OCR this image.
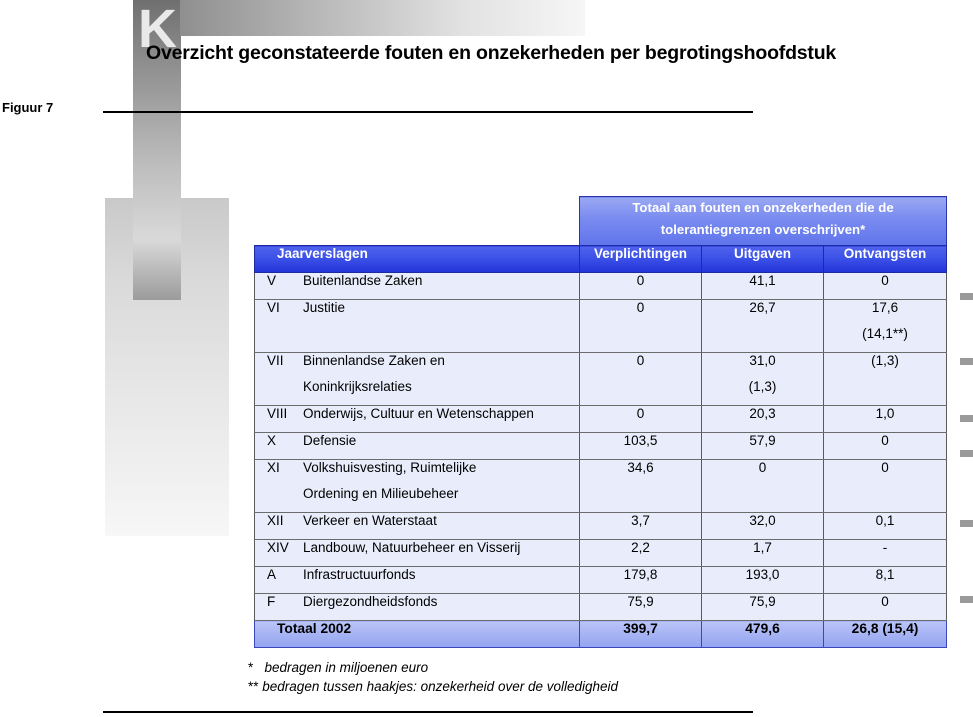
K
Overzicht geconstateerde fouten en onzekerheden per begrotingshoofdstuk
Figuur 7
	Totaal aan fouten en onzekerheden die de tolerantiegrenzen overschrijven*		
Jaarverslagen	Verplichtingen	Uitgaven	Ontvangsten
V Buitenlandse Zaken	0	41,1	0
VI Justitie	0	26,7	17,6
			(14,1**)
VII Binnenlandse Zaken en	0	31,0	(1,3)
Koninkrijksrelaties		(1,3)	
VIII Onderwijs, Cultuur en Wetenschappen	0	20,3	1,0
X Defensie	103,5	57,9	0
XI Volkshuisvesting, Ruimtelijke	34,6	0	0
Ordening en Milieubeheer			
XII Verkeer en Waterstaat	3,7	32,0	0,1
XIV Landbouw, Natuurbeheer en Visserij	2,2	1,7	-
A Infrastructuurfonds	179,8	193,0	8,1
F Diergezondheidsfonds	75,9	75,9	0
Totaal 2002	399,7	479,6	26,8 (15,4)
* bedragen in miljoenen euro
** bedragen tussen haakjes: onzekerheid over de volledigheid
